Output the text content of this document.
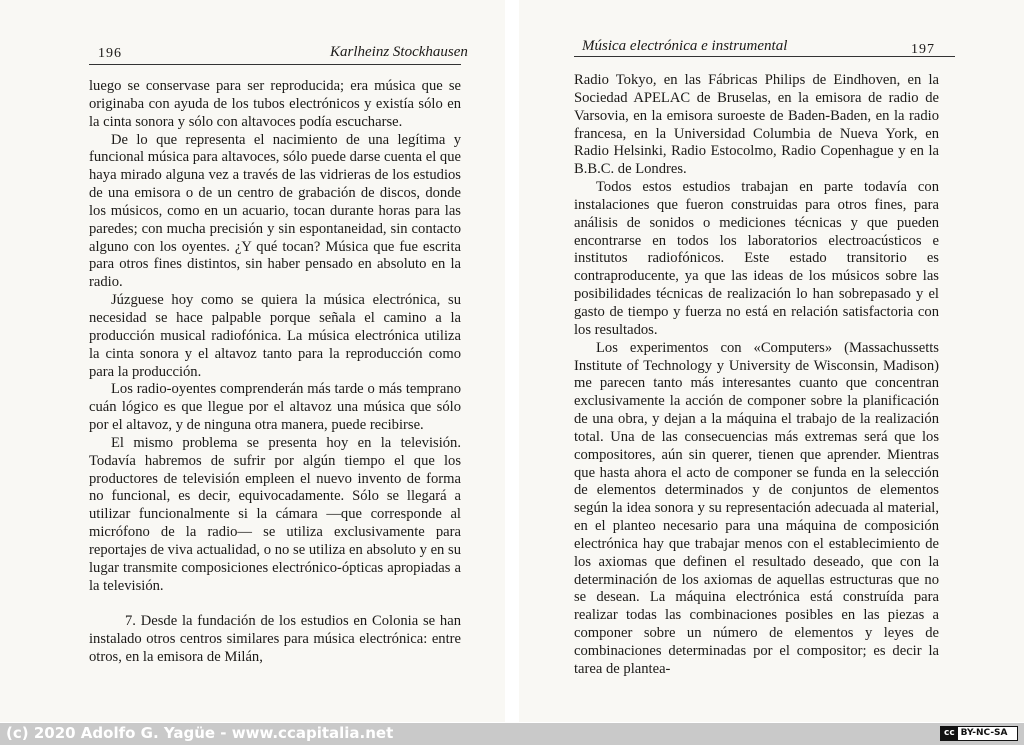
196	Karlheinz Stockhausen

luego se conservase para ser reproducida; era música que se originaba con ayuda de los tubos electrónicos y existía sólo en la cinta sonora y sólo con altavoces podía escucharse.

De lo que representa el nacimiento de una legítima y funcional música para altavoces, sólo puede darse cuenta el que haya mirado alguna vez a través de las vidrieras de los estudios de una emisora o de un centro de grabación de discos, donde los músicos, como en un acuario, tocan durante horas para las paredes; con mucha precisión y sin espontaneidad, sin contacto alguno con los oyentes. ¿Y qué tocan? Música que fue escrita para otros fines distintos, sin haber pensado en absoluto en la radio.

Júzguese hoy como se quiera la música electrónica, su necesidad se hace palpable porque señala el camino a la producción musical radiofónica. La música electrónica utiliza la cinta sonora y el altavoz tanto para la reproducción como para la producción.

Los radio-oyentes comprenderán más tarde o más temprano cuán lógico es que llegue por el altavoz una música que sólo por el altavoz, y de ninguna otra manera, puede recibirse.

El mismo problema se presenta hoy en la televisión. Todavía habremos de sufrir por algún tiempo el que los productores de televisión empleen el nuevo invento de forma no funcional, es decir, equivocadamente. Sólo se llegará a utilizar funcionalmente si la cámara —que corresponde al micrófono de la radio— se utiliza exclusivamente para reportajes de viva actualidad, o no se utiliza en absoluto y en su lugar transmite composiciones electrónico-ópticas apropiadas a la televisión.

7. Desde la fundación de los estudios en Colonia se han instalado otros centros similares para música electrónica: entre otros, en la emisora de Milán,

Música electrónica e instrumental	197

Radio Tokyo, en las Fábricas Philips de Eindhoven, en la Sociedad APELAC de Bruselas, en la emisora de radio de Varsovia, en la emisora suroeste de Baden-Baden, en la radio francesa, en la Universidad Columbia de Nueva York, en Radio Helsinki, Radio Estocolmo, Radio Copenhague y en la B.B.C. de Londres.

Todos estos estudios trabajan en parte todavía con instalaciones que fueron construidas para otros fines, para análisis de sonidos o mediciones técnicas y que pueden encontrarse en todos los laboratorios electroacústicos e institutos radiofónicos. Este estado transitorio es contraproducente, ya que las ideas de los músicos sobre las posibilidades técnicas de realización lo han sobrepasado y el gasto de tiempo y fuerza no está en relación satisfactoria con los resultados.

Los experimentos con «Computers» (Massachussetts Institute of Technology y University de Wisconsin, Madison) me parecen tanto más interesantes cuanto que concentran exclusivamente la acción de componer sobre la planificación de una obra, y dejan a la máquina el trabajo de la realización total. Una de las consecuencias más extremas será que los compositores, aún sin querer, tienen que aprender. Mientras que hasta ahora el acto de componer se funda en la selección de elementos determinados y de conjuntos de elementos según la idea sonora y su representación adecuada al material, en el planteo necesario para una máquina de composición electrónica hay que trabajar menos con el establecimiento de los axiomas que definen el resultado deseado, que con la determinación de los axiomas de aquellas estructuras que no se desean. La máquina electrónica está construída para realizar todas las combinaciones posibles en las piezas a componer sobre un número de elementos y leyes de combinaciones determinadas por el compositor; es decir la tarea de plantea-

(c) 2020 Adolfo G. Yagüe - www.ccapitalia.net	cc BY-NC-SA
